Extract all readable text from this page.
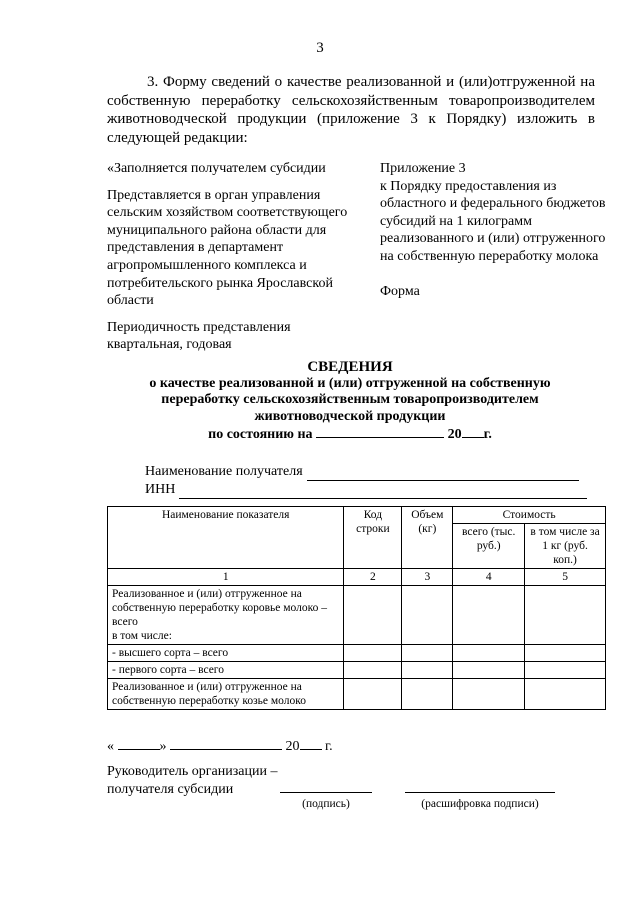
3
3. Форму сведений о качестве реализованной и (или)отгруженной на собственную переработку сельскохозяйственным товаропроизводителем животноводческой продукции (приложение 3 к Порядку) изложить в следующей редакции:

«Заполняется получателем субсидии

Представляется в орган управления сельским хозяйством соответствующего муниципального района области для представления в департамент агропромышленного комплекса и потребительского рынка Ярославской области

Периодичность представления квартальная, годовая

Приложение 3

к Порядку предоставления из областного и федерального бюджетов субсидий на 1 килограмм реализованного и (или) отгруженного на собственную переработку молока

Форма

СВЕДЕНИЯ
о качестве реализованной и (или) отгруженной на собственную
переработку сельскохозяйственным товаропроизводителем
животноводческой продукции
по состоянию на	20 г.
Наименование получателя
ИНН
Наименование показателя	Код строки	Объем (кг)	Стоимость	
			всего (тыс. руб.)	в том числе за 1 кг (руб. коп.)
1	2	3	4	5
Реализованное и (или) отгруженное на собственную переработку коровье молоко – всего
в том числе:				
- высшего сорта – всего				
- первого сорта – всего				
Реализованное и (или) отгруженное на собственную переработку козье молоко				
«	»	20 г.
Руководитель организации –
получателя субсидии
(подпись)	(расшифровка подписи)
